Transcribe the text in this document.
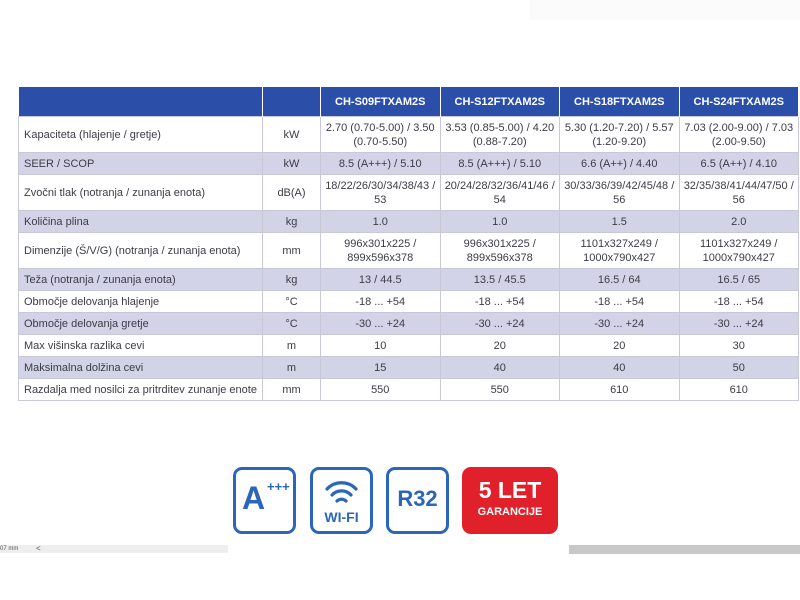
		CH-S09FTXAM2S	CH-S12FTXAM2S	CH-S18FTXAM2S	CH-S24FTXAM2S
Kapaciteta (hlajenje / gretje)	kW	2.70 (0.70-5.00) / 3.50 (0.70-5.50)	3.53 (0.85-5.00) / 4.20 (0.88-7.20)	5.30 (1.20-7.20) / 5.57 (1.20-9.20)	7.03 (2.00-9.00) / 7.03 (2.00-9.50)
SEER / SCOP	kW	8.5 (A+++) / 5.10	8.5 (A+++) / 5.10	6.6 (A++) / 4.40	6.5 (A++) / 4.10
Zvočni tlak (notranja / zunanja enota)	dB(A)	18/22/26/30/34/38/43 / 53	20/24/28/32/36/41/46 / 54	30/33/36/39/42/45/48 / 56	32/35/38/41/44/47/50 / 56
Količina plina	kg	1.0	1.0	1.5	2.0
Dimenzije (Š/V/G) (notranja / zunanja enota)	mm	996x301x225 / 899x596x378	996x301x225 / 899x596x378	1101x327x249 / 1000x790x427	1101x327x249 / 1000x790x427
Teža (notranja / zunanja enota)	kg	13 / 44.5	13.5 / 45.5	16.5 / 64	16.5 / 65
Območje delovanja hlajenje	°C	-18 ... +54	-18 ... +54	-18 ... +54	-18 ... +54
Območje delovanja gretje	°C	-30 ... +24	-30 ... +24	-30 ... +24	-30 ... +24
Max višinska razlika cevi	m	10	20	20	30
Maksimalna dolžina cevi	m	15	40	40	50
Razdalja med nosilci za pritrditev zunanje enote	mm	550	550	610	610
A +++
WI-FI
R32	5 LET
GARANCIJE
07 mm <
